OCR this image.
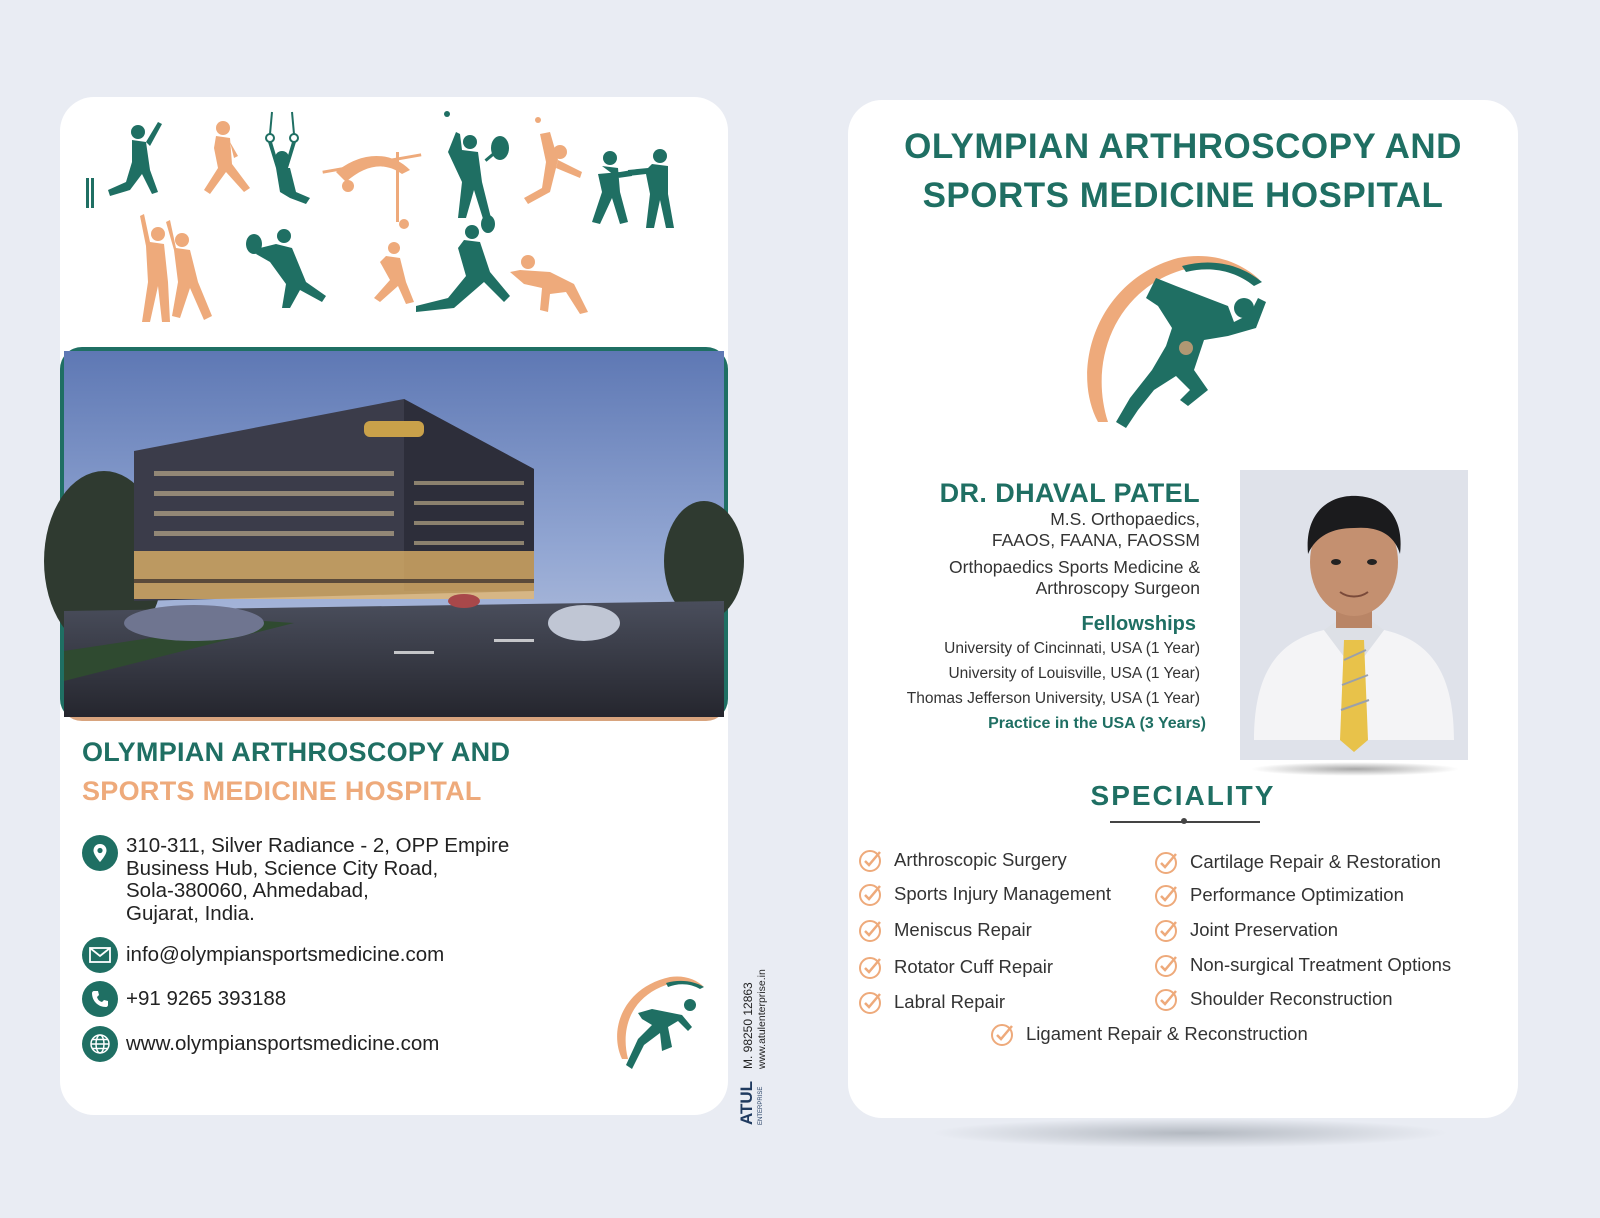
OLYMPIAN ARTHROSCOPY AND
SPORTS MEDICINE HOSPITAL
310-311, Silver Radiance - 2, OPP Empire
Business Hub, Science City Road,
Sola-380060, Ahmedabad,
Gujarat, India.
info@olympiansportsmedicine.com
+91 9265 393188
www.olympiansportsmedicine.com
ATUL ENTERPRISE
M. 98250 12863 www.atulenterprise.in
OLYMPIAN ARTHROSCOPY AND
SPORTS MEDICINE HOSPITAL
DR. DHAVAL PATEL
M.S. Orthopaedics,
FAAOS, FAANA, FAOSSM
Orthopaedics Sports Medicine &
Arthroscopy Surgeon
Fellowships
University of Cincinnati, USA (1 Year)
University of Louisville, USA (1 Year)
Thomas Jefferson University, USA (1 Year)
Practice in the USA (3 Years)
SPECIALITY
Arthroscopic Surgery
Sports Injury Management
Meniscus Repair
Rotator Cuff Repair
Labral Repair
Cartilage Repair & Restoration
Performance Optimization
Joint Preservation
Non-surgical Treatment Options
Shoulder Reconstruction
Ligament Repair & Reconstruction
